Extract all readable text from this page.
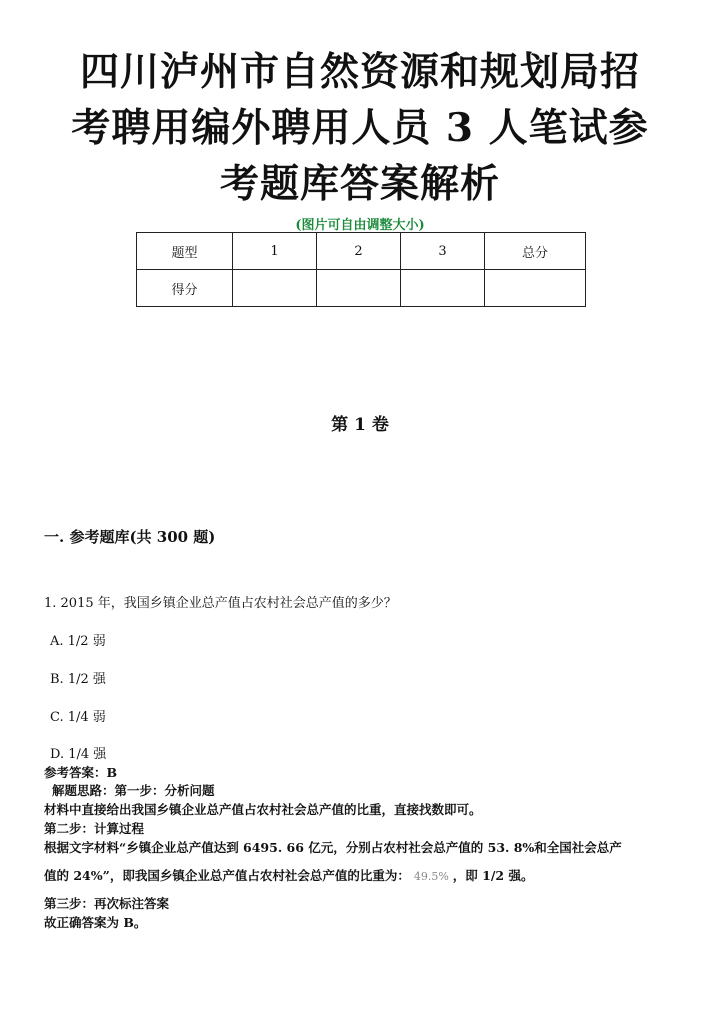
四川泸州市自然资源和规划局招
考聘用编外聘用人员 3 人笔试参
考题库答案解析
(图片可自由调整大小)
题型	1	2	3	总分
得分				
第 1 卷
一. 参考题库(共 300 题)
1. 2015 年，我国乡镇企业总产值占农村社会总产值的多少？
A. 1/2 弱
B. 1/2 强
C. 1/4 弱
D. 1/4 强
参考答案：B
解题思路：第一步：分析问题
材料中直接给出我国乡镇企业总产值占农村社会总产值的比重，直接找数即可。
第二步：计算过程
根据文字材料“乡镇企业总产值达到 6495. 66 亿元，分别占农村社会总产值的 53. 8%和全国社会总产
值的 24%”，即我国乡镇企业总产值占农村社会总产值的比重为： 49.5% ，即 1/2 强。
第三步：再次标注答案
故正确答案为 B。
